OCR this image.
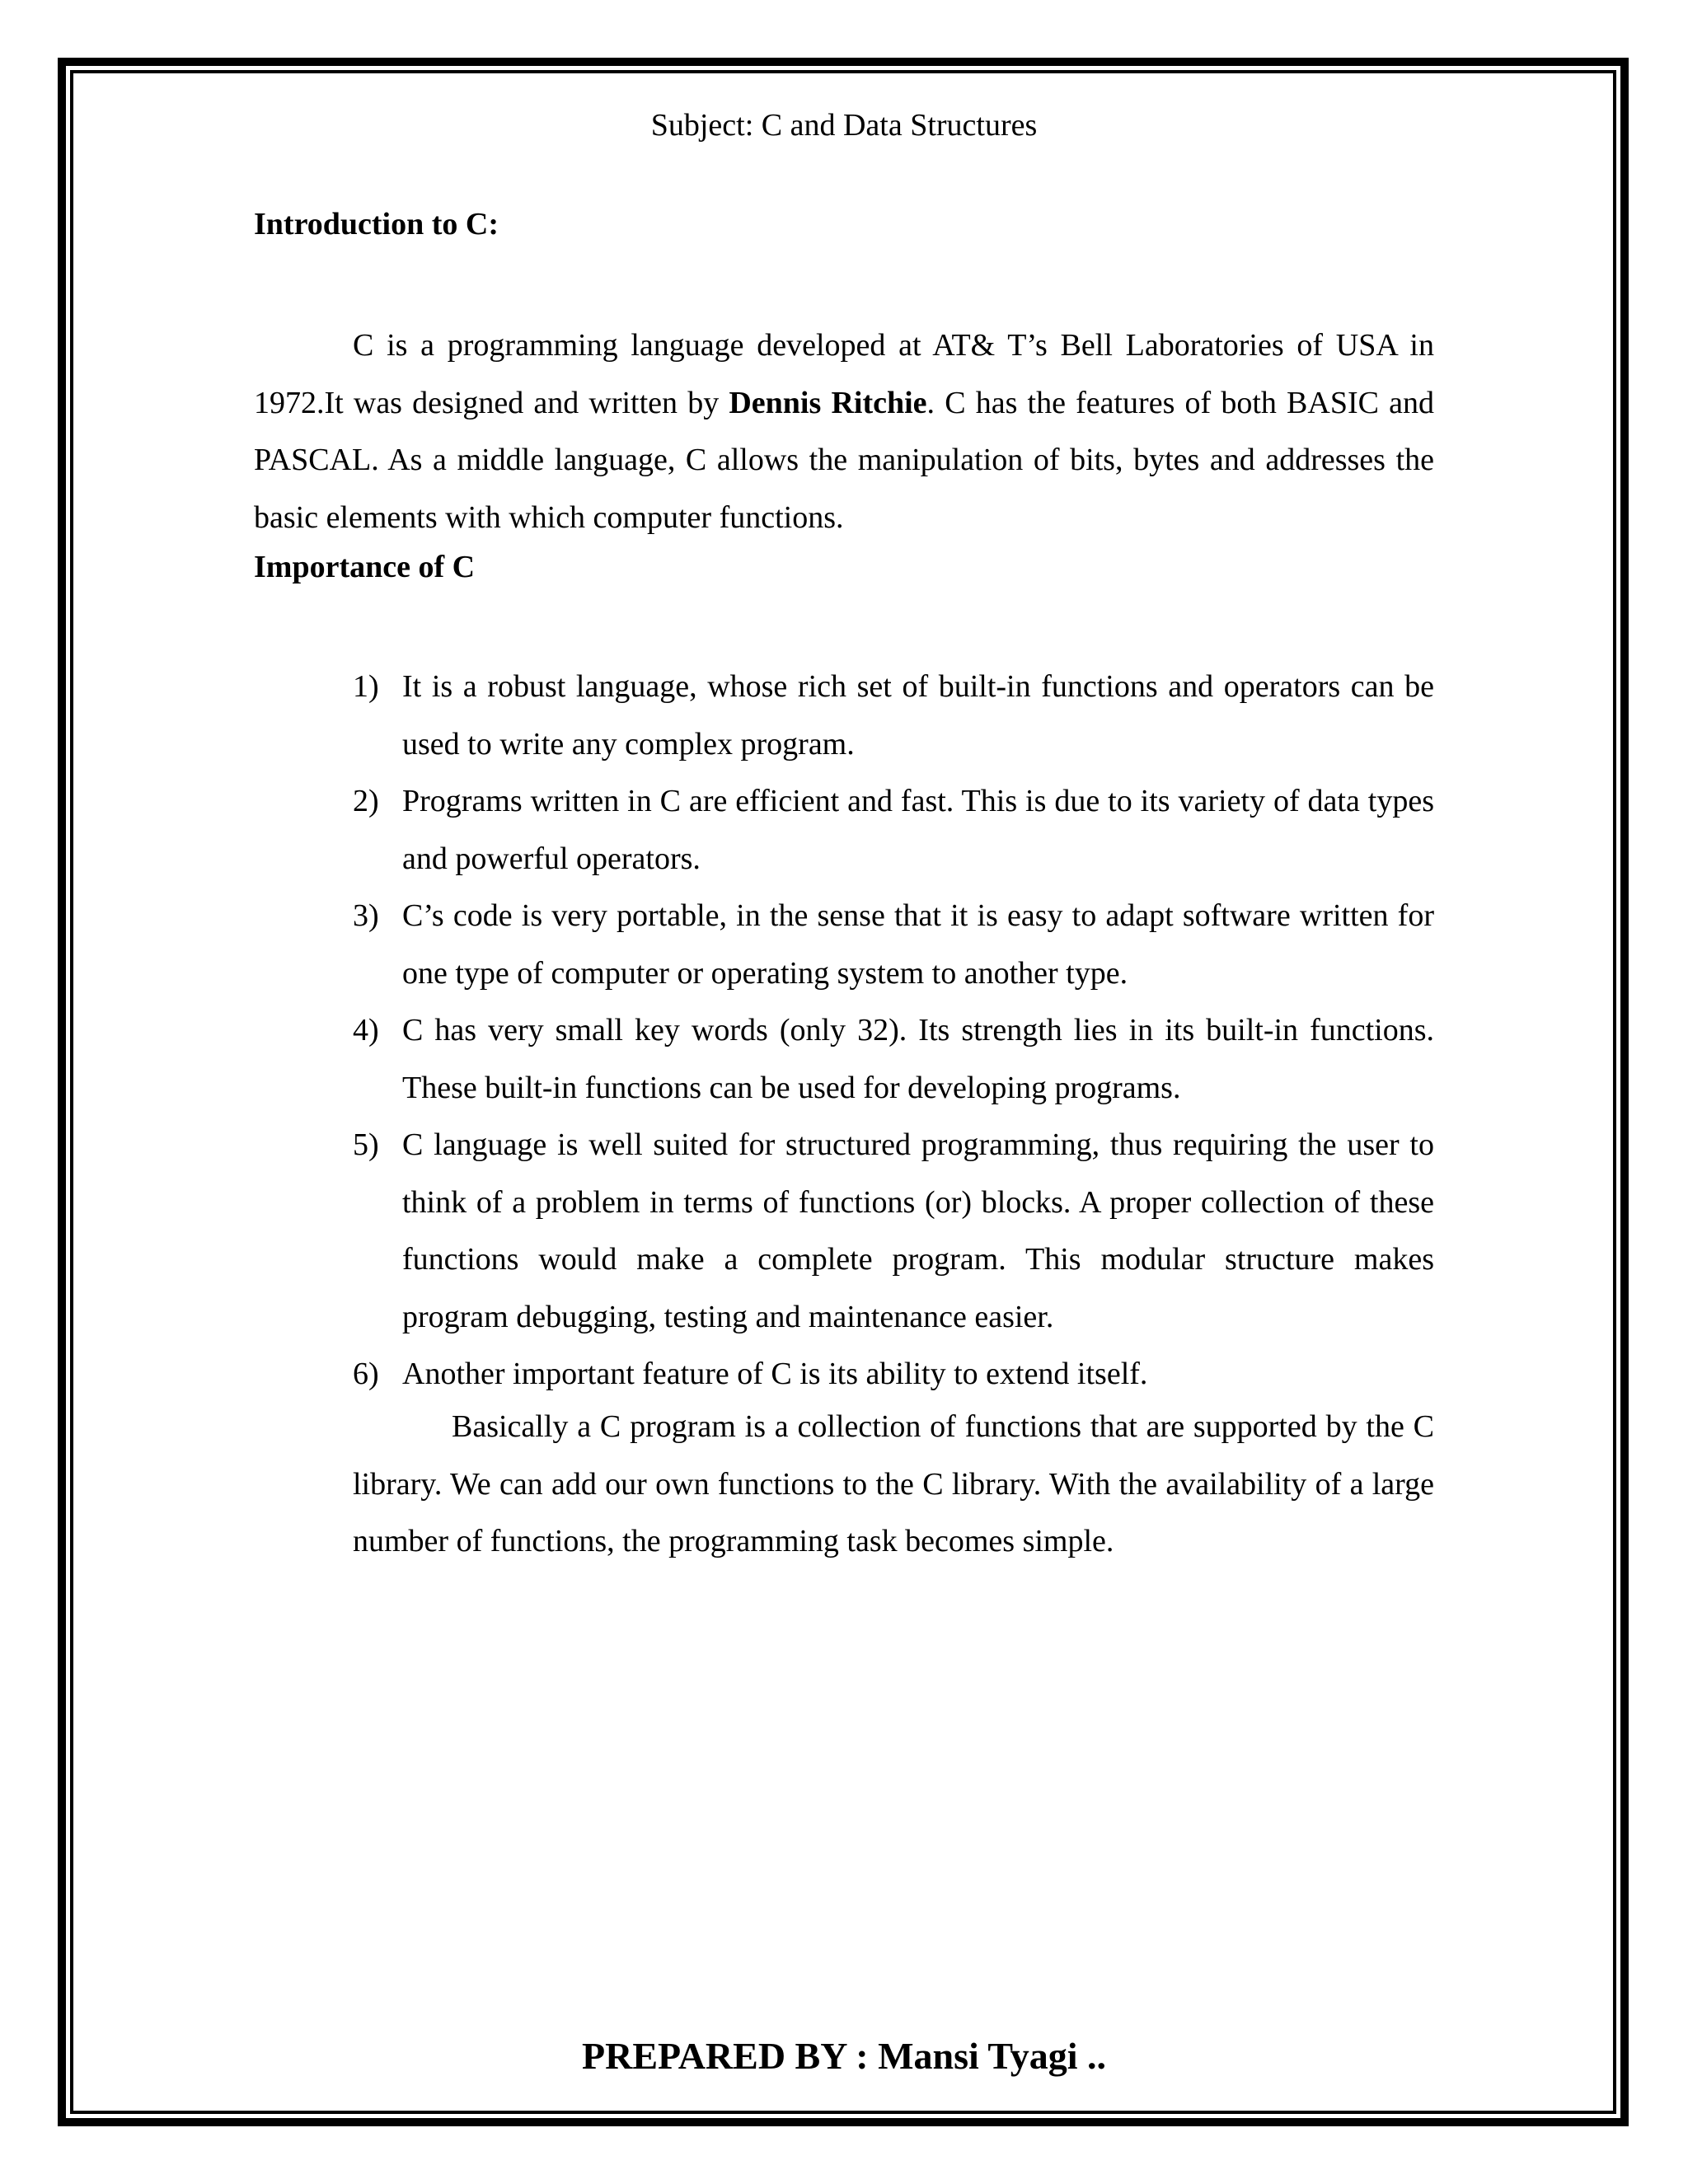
Subject: C and Data Structures
Introduction to C:

C is a programming language developed at AT& T’s Bell Laboratories of USA in 1972.It was designed and written by Dennis Ritchie. C has the features of both BASIC and PASCAL. As a middle language, C allows the manipulation of bits, bytes and addresses the basic elements with which computer functions.

Importance of C
1) It is a robust language, whose rich set of built-in functions and operators can be used to write any complex program.
2) Programs written in C are efficient and fast. This is due to its variety of data types and powerful operators.
3) C’s code is very portable, in the sense that it is easy to adapt software written for one type of computer or operating system to another type.
4) C has very small key words (only 32). Its strength lies in its built-in functions. These built-in functions can be used for developing programs.
5) C language is well suited for structured programming, thus requiring the user to think of a problem in terms of functions (or) blocks. A proper collection of these functions would make a complete program. This modular structure makes program debugging, testing and maintenance easier.
6) Another important feature of C is its ability to extend itself.

Basically a C program is a collection of functions that are supported by the C library. We can add our own functions to the C library. With the availability of a large number of functions, the programming task becomes simple.

PREPARED BY : Mansi Tyagi ..
